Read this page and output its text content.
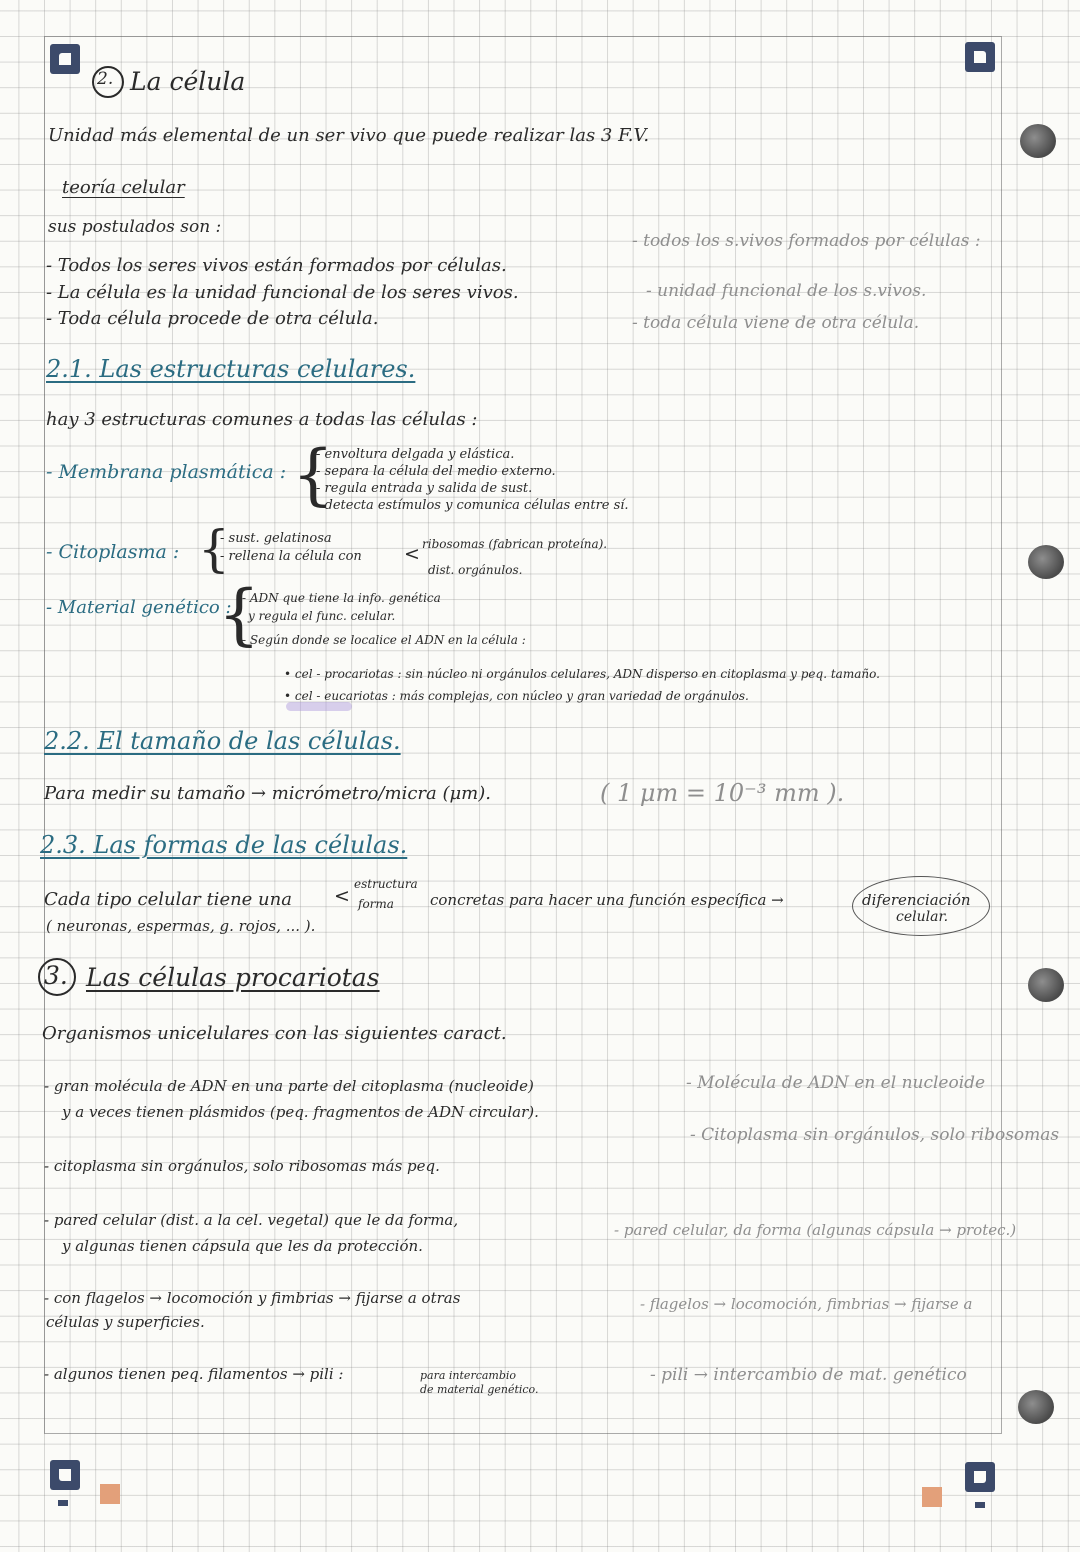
2. La célula
Unidad más elemental de un ser vivo que puede realizar las 3 F.V.
teoría celular
sus postulados son :
- Todos los seres vivos están formados por células.
- La célula es la unidad funcional de los seres vivos.
- Toda célula procede de otra célula.
- todos los s.vivos formados por células :
- unidad funcional de los s.vivos.
- toda célula viene de otra célula.
2.1. Las estructuras celulares.
hay 3 estructuras comunes a todas las células :
- Membrana plasmática : {
- envoltura delgada y elástica.
- separa la célula del medio externo.
- regula entrada y salida de sust.
- detecta estímulos y comunica células entre sí.
- Citoplasma : {
- sust. gelatinosa
- rellena la célula con < ribosomas (fabrican proteína).
dist. orgánulos.
- Material genético :
{
- ADN que tiene la info. genética
y regula el func. celular.
- Según donde se localice el ADN en la célula :
• cel - procariotas : sin núcleo ni orgánulos celulares, ADN disperso en citoplasma y peq. tamaño.
• cel - eucariotas : más complejas, con núcleo y gran variedad de orgánulos.
2.2. El tamaño de las células.
Para medir su tamaño → micrómetro/micra (μm).	( 1 μm = 10⁻³ mm ).
2.3. Las formas de las células.
Cada tipo celular tiene una <
estructura
forma concretas para hacer una función específica →	diferenciación
celular.
( neuronas, espermas, g. rojos, ... ).
3. Las células procariotas
Organismos unicelulares con las siguientes caract.
- gran molécula de ADN en una parte del citoplasma (nucleoide)
y a veces tienen plásmidos (peq. fragmentos de ADN circular).
- citoplasma sin orgánulos, solo ribosomas más peq.
- pared celular (dist. a la cel. vegetal) que le da forma,
y algunas tienen cápsula que les da protección.
- con flagelos → locomoción y fimbrias → fijarse a otras
células y superficies.
- algunos tienen peq. filamentos → pili :	para intercambio
de material genético.
- Molécula de ADN en el nucleoide
- Citoplasma sin orgánulos, solo ribosomas
- pared celular, da forma (algunas cápsula → protec.)
- flagelos → locomoción, fimbrias → fijarse a
- pili → intercambio de mat. genético
